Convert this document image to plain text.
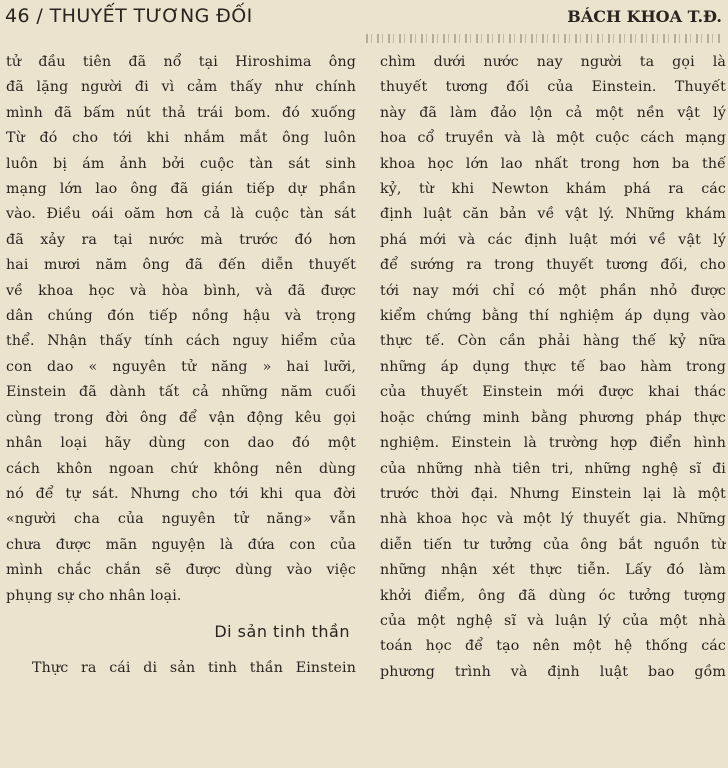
46 / THUYẾT TƯƠNG ĐỐI	BÁCH KHOA T.Đ.
tử đầu tiên đã nổ tại Hiroshima ông
đã lặng người đi vì cảm thấy như chính
mình đã bấm nút thả trái bom. đó xuống
Từ đó cho tới khi nhắm mắt ông luôn
luôn bị ám ảnh bởi cuộc tàn sát sinh
mạng lớn lao ông đã gián tiếp dự phần
vào. Điều oái oăm hơn cả là cuộc tàn sát
đã xảy ra tại nước mà trước đó hơn
hai mươi năm ông đã đến diễn thuyết
về khoa học và hòa bình, và đã được
dân chúng đón tiếp nồng hậu và trọng
thể. Nhận thấy tính cách nguy hiểm của
con dao « nguyên tử năng » hai lưỡi,
Einstein đã dành tất cả những năm cuối
cùng trong đời ông để vận động kêu gọi
nhân loại hãy dùng con dao đó một
cách khôn ngoan chứ không nên dùng
nó để tự sát. Nhưng cho tới khi qua đời
«người cha của nguyên tử năng» vẫn
chưa được mãn nguyện là đứa con của
mình chắc chắn sẽ được dùng vào việc
phụng sự cho nhân loại.
Di sản tinh thần
Thực ra cái di sản tinh thần Einstein
chìm dưới nước nay người ta gọi là
thuyết tương đối của Einstein. Thuyết
này đã làm đảo lộn cả một nền vật lý
hoa cổ truyền và là một cuộc cách mạng
khoa học lớn lao nhất trong hơn ba thế
kỷ, từ khi Newton khám phá ra các
định luật căn bản về vật lý. Những khám
phá mới và các định luật mới về vật lý
để sướng ra trong thuyết tương đối, cho
tới nay mới chỉ có một phần nhỏ được
kiểm chứng bằng thí nghiệm áp dụng vào
thực tế. Còn cần phải hàng thế kỷ nữa
những áp dụng thực tế bao hàm trong
của thuyết Einstein mới được khai thác
hoặc chứng minh bằng phương pháp thực
nghiệm. Einstein là trường hợp điển hình
của những nhà tiên tri, những nghệ sĩ đi
trước thời đại. Nhưng Einstein lại là một
nhà khoa học và một lý thuyết gia. Những
diễn tiến tư tưởng của ông bắt nguồn từ
những nhận xét thực tiễn. Lấy đó làm
khởi điểm, ông đã dùng óc tưởng tượng
của một nghệ sĩ và luận lý của một nhà
toán học để tạo nên một hệ thống các
phương trình và định luật bao gồm
